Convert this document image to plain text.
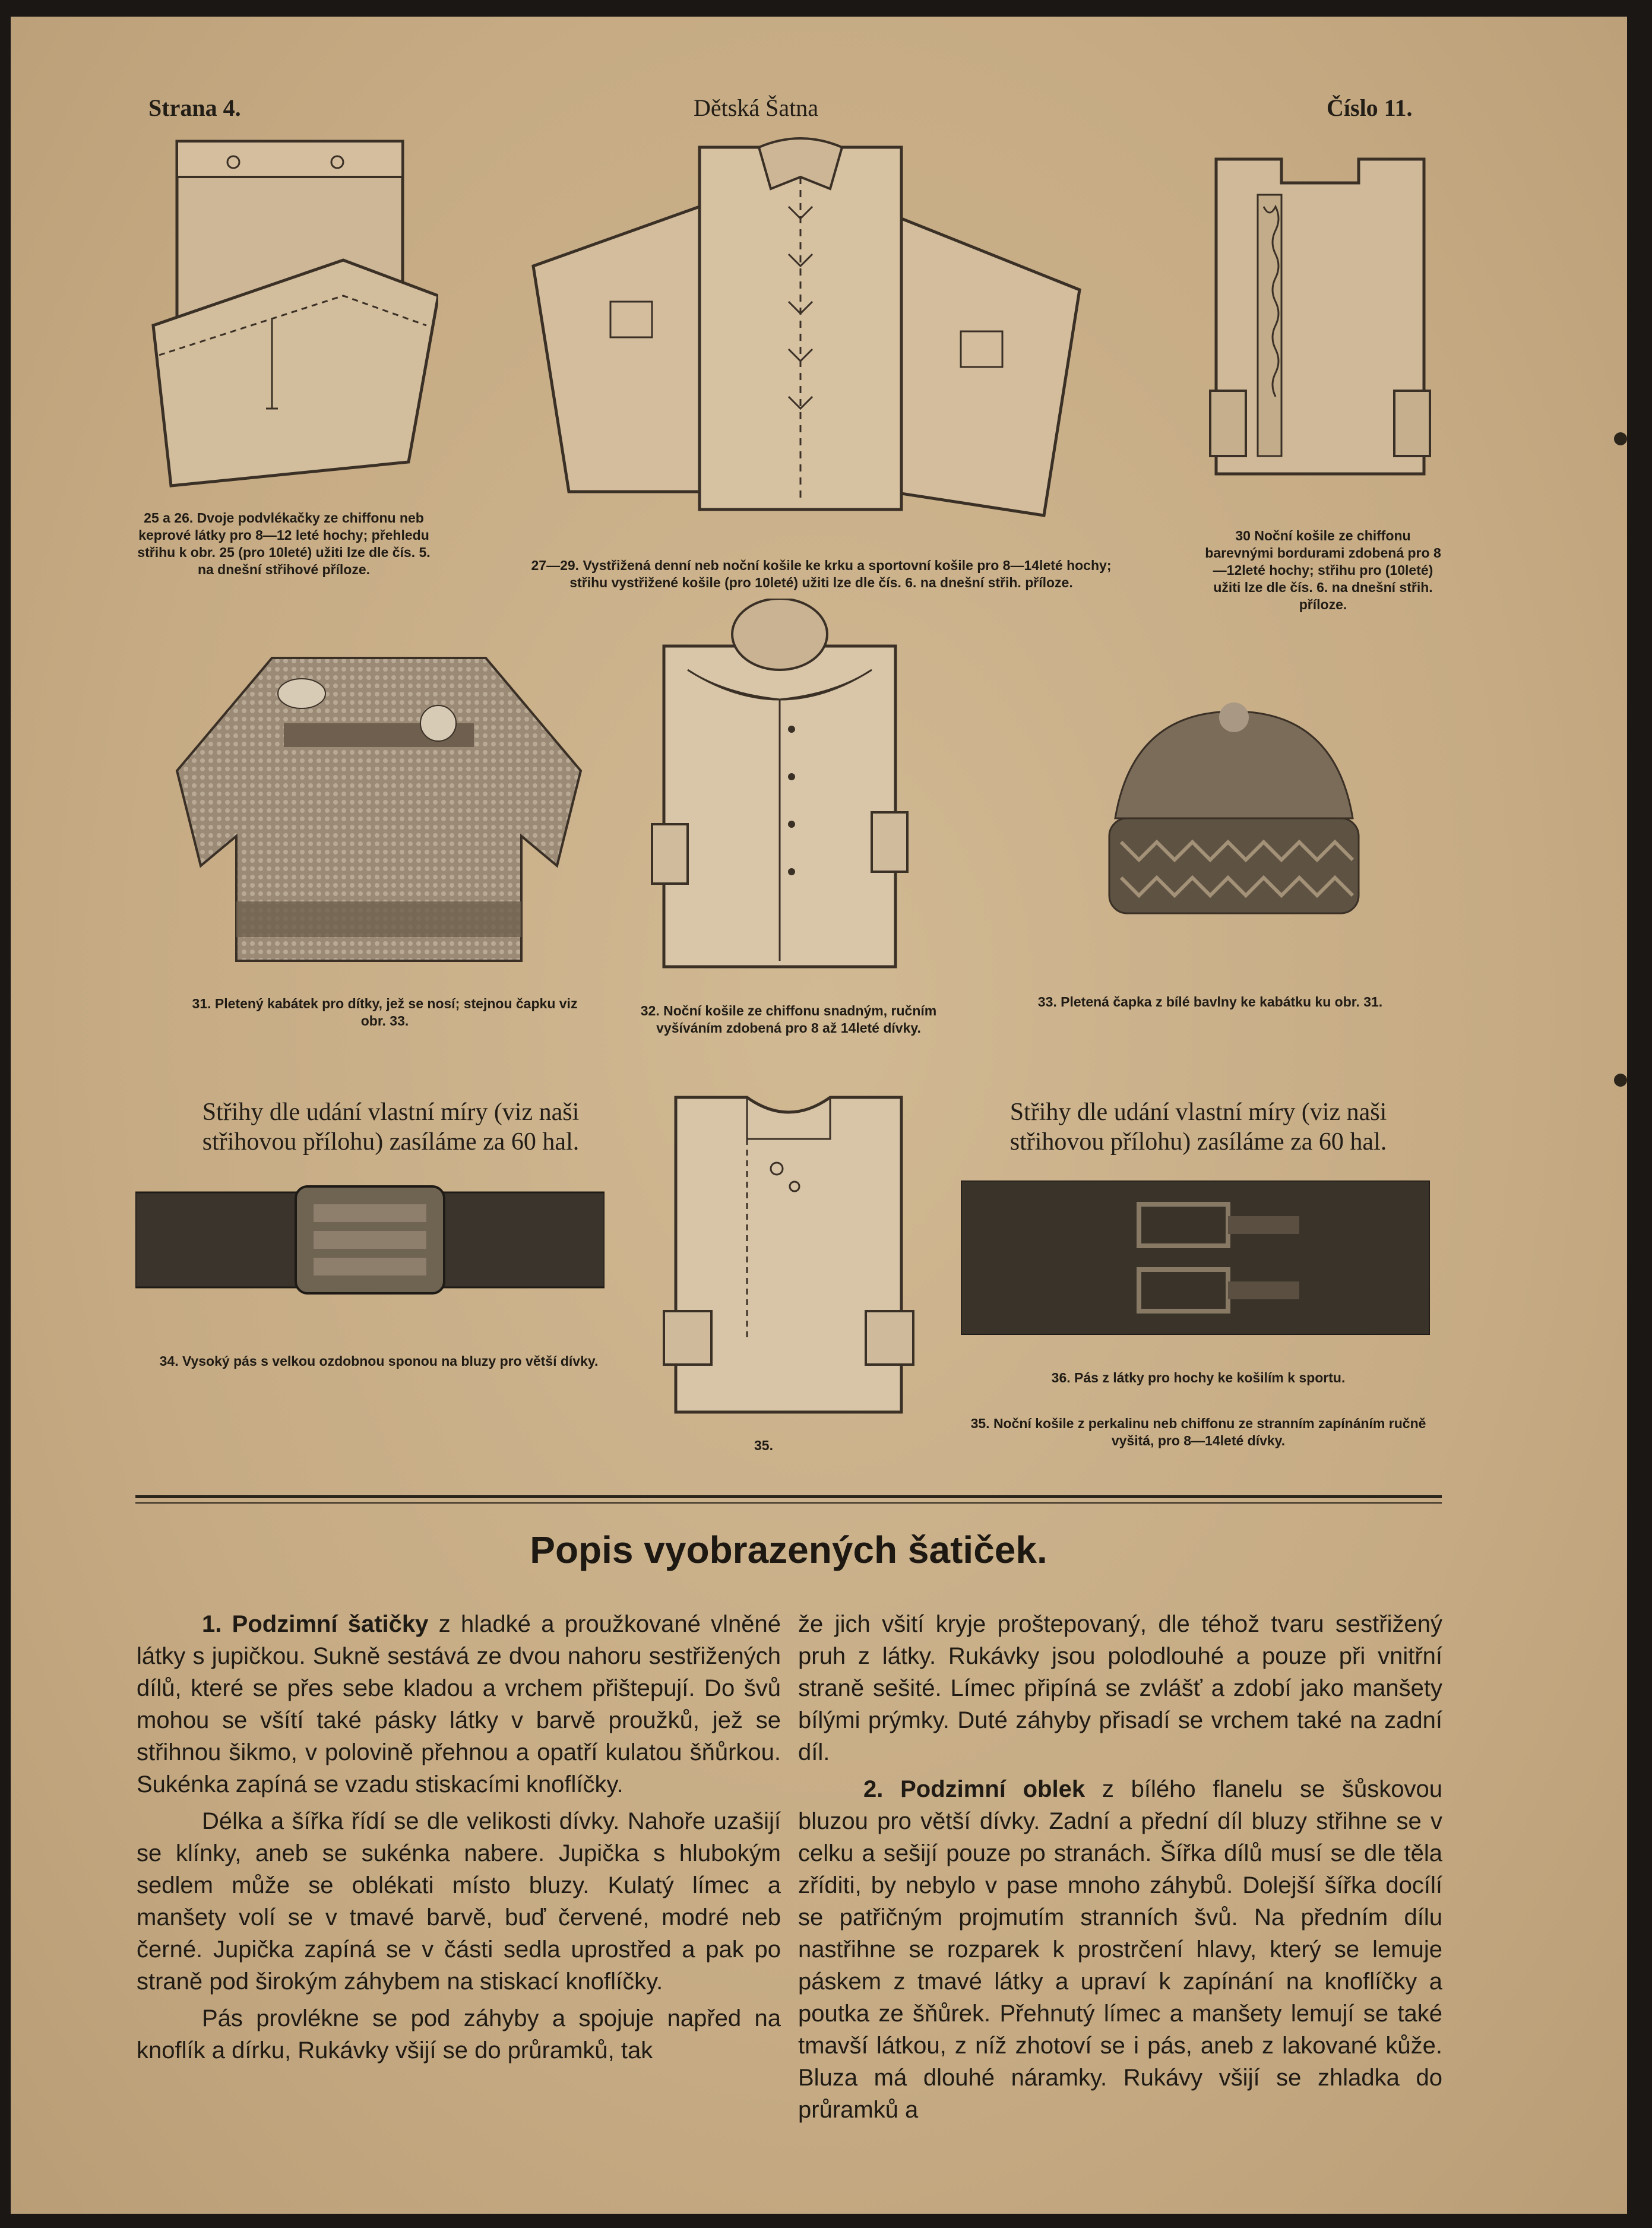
Strana 4.	Dětská Šatna	Číslo 11.
25 a 26. Dvoje podvlékačky ze chiffonu neb keprové látky pro 8—12 leté hochy; přehledu střihu k obr. 25 (pro 10leté) užiti lze dle čís. 5. na dnešní střihové příloze.	27—29. Vystřižená denní neb noční košile ke krku a sportovní košile pro 8—14leté hochy; střihu vystřižené košile (pro 10leté) užiti lze dle čís. 6. na dnešní střih. příloze.
30 Noční košile ze chiffonu barevnými bordurami zdobená pro 8—12leté hochy; střihu pro (10leté) užiti lze dle čís. 6. na dnešní střih. příloze.
31. Pletený kabátek pro dítky, jež se nosí; stejnou čapku viz obr. 33.
32. Noční košile ze chiffonu snadným, ručním vyšíváním zdobená pro 8 až 14leté dívky.
33. Pletená čapka z bílé bavlny ke kabátku ku obr. 31.
Střihy dle udání vlastní míry (viz naši střihovou přílohu) zasíláme za 60 hal.
Střihy dle udání vlastní míry (viz naši střihovou přílohu) zasíláme za 60 hal.
34. Vysoký pás s velkou ozdobnou sponou na bluzy pro větší dívky.
35.
36. Pás z látky pro hochy ke košilím k sportu.
35. Noční košile z perkalinu neb chiffonu ze stranním zapínáním ručně vyšitá, pro 8—14leté dívky.
Popis vyobrazených šatiček.

1. Podzimní šatičky z hladké a proužkované vlněné látky s jupičkou. Sukně sestává ze dvou nahoru sestřižených dílů, které se přes sebe kladou a vrchem přištepují. Do švů mohou se všítí také pásky látky v barvě proužků, jež se střihnou šikmo, v polovině přehnou a opatří kulatou šňůrkou. Sukénka zapíná se vzadu stiskacími knoflíčky.

Délka a šířka řídí se dle velikosti dívky. Nahoře uzašijí se klínky, aneb se sukénka nabere. Jupička s hlubokým sedlem může se oblékati místo bluzy. Kulatý límec a manšety volí se v tmavé barvě, buď červené, modré neb černé. Jupička zapíná se v části sedla uprostřed a pak po straně pod širokým záhybem na stiskací knoflíčky.

Pás provlékne se pod záhyby a spojuje napřed na knoflík a dírku, Rukávky všijí se do průramků, tak

že jich všití kryje proštepovaný, dle téhož tvaru sestřižený pruh z látky. Rukávky jsou polodlouhé a pouze při vnitřní straně sešité. Límec připíná se zvlášť a zdobí jako manšety bílými prýmky. Duté záhyby přisadí se vrchem také na zadní díl.

2. Podzimní oblek z bílého flanelu se šůskovou bluzou pro větší dívky. Zadní a přední díl bluzy střihne se v celku a sešijí pouze po stranách. Šířka dílů musí se dle těla zříditi, by nebylo v pase mnoho záhybů. Dolejší šířka docílí se patřičným projmutím stranních švů. Na předním dílu nastřihne se rozparek k prostrčení hlavy, který se lemuje páskem z tmavé látky a upraví k zapínání na knoflíčky a poutka ze šňůrek. Přehnutý límec a manšety lemují se také tmavší látkou, z níž zhotoví se i pás, aneb z lakované kůže. Bluza má dlouhé náramky. Rukávy všijí se zhladka do průramků a
